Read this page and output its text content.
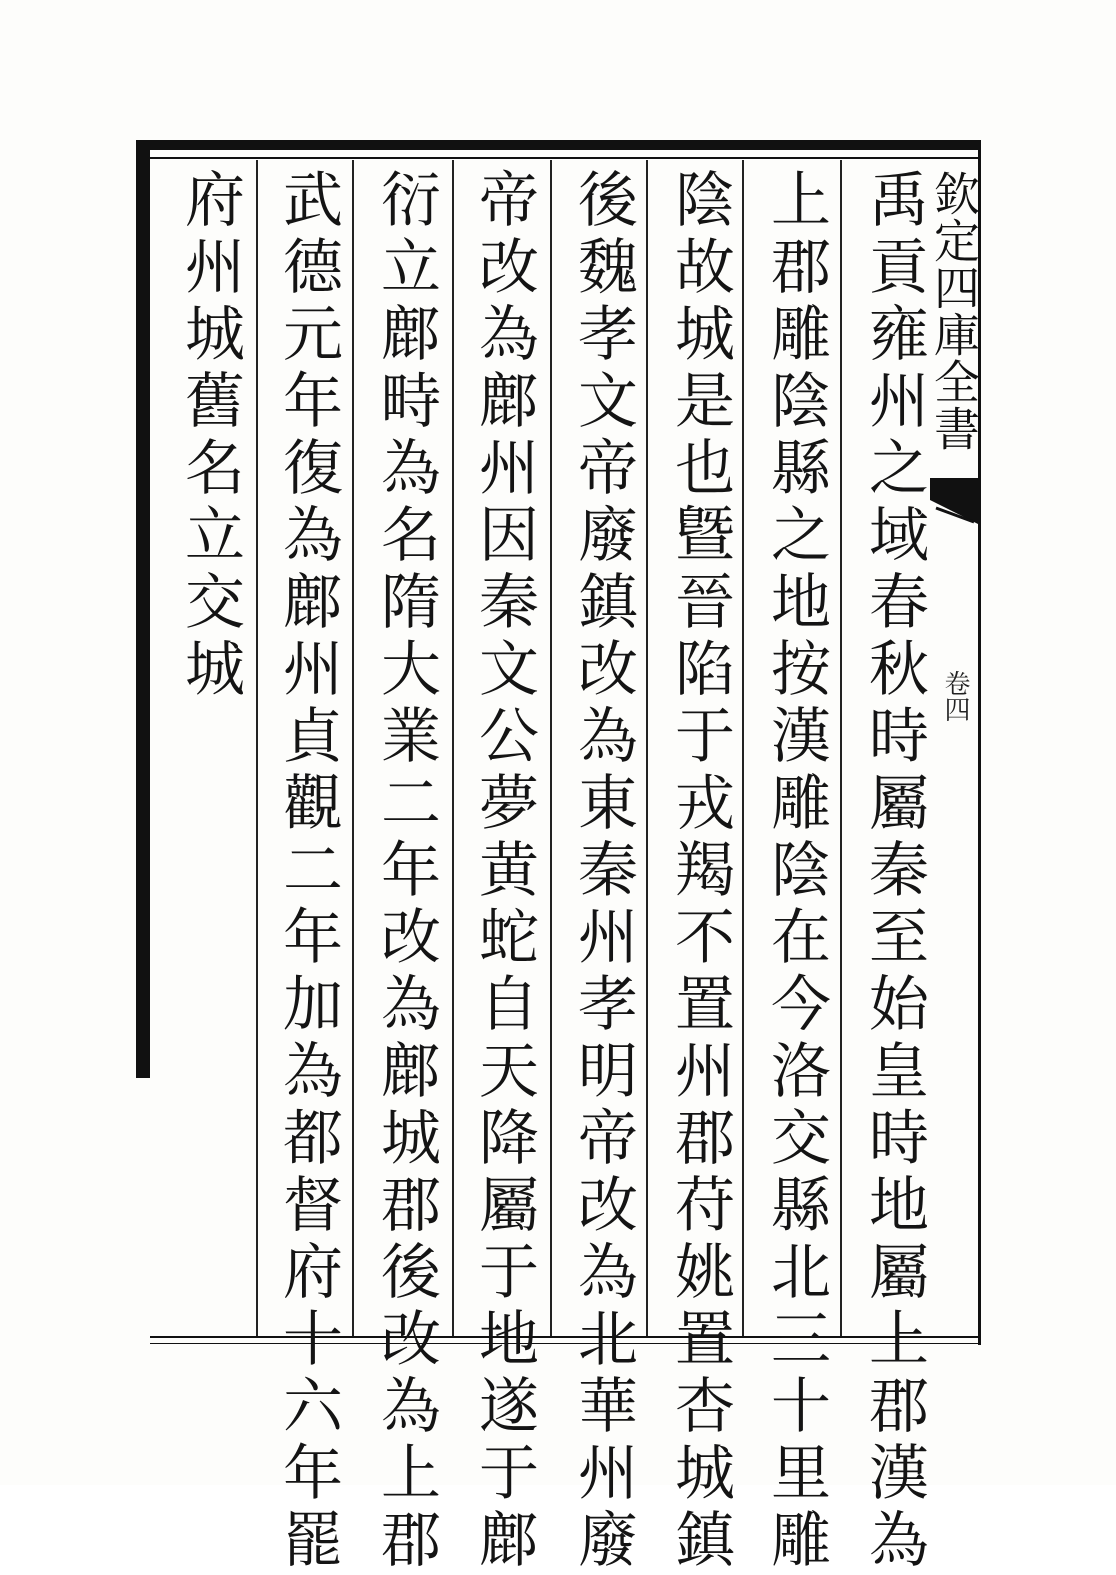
欽定四庫全書
卷四
禹貢雍州之域春秋時屬秦至始皇時地屬上郡漢為
上郡雕陰縣之地按漢雕陰在今洛交縣北三十里雕
陰故城是也曁晉陷于戎羯不置州郡苻姚置杏城鎮
後魏孝文帝廢鎮改為東秦州孝明帝改為北華州廢
帝改為鄜州因秦文公夢黄蛇自天降屬于地遂于鄜
衍立鄜畤為名隋大業二年改為鄜城郡後改為上郡
武德元年復為鄜州貞觀二年加為都督府十六年罷
府州城舊名立交城
